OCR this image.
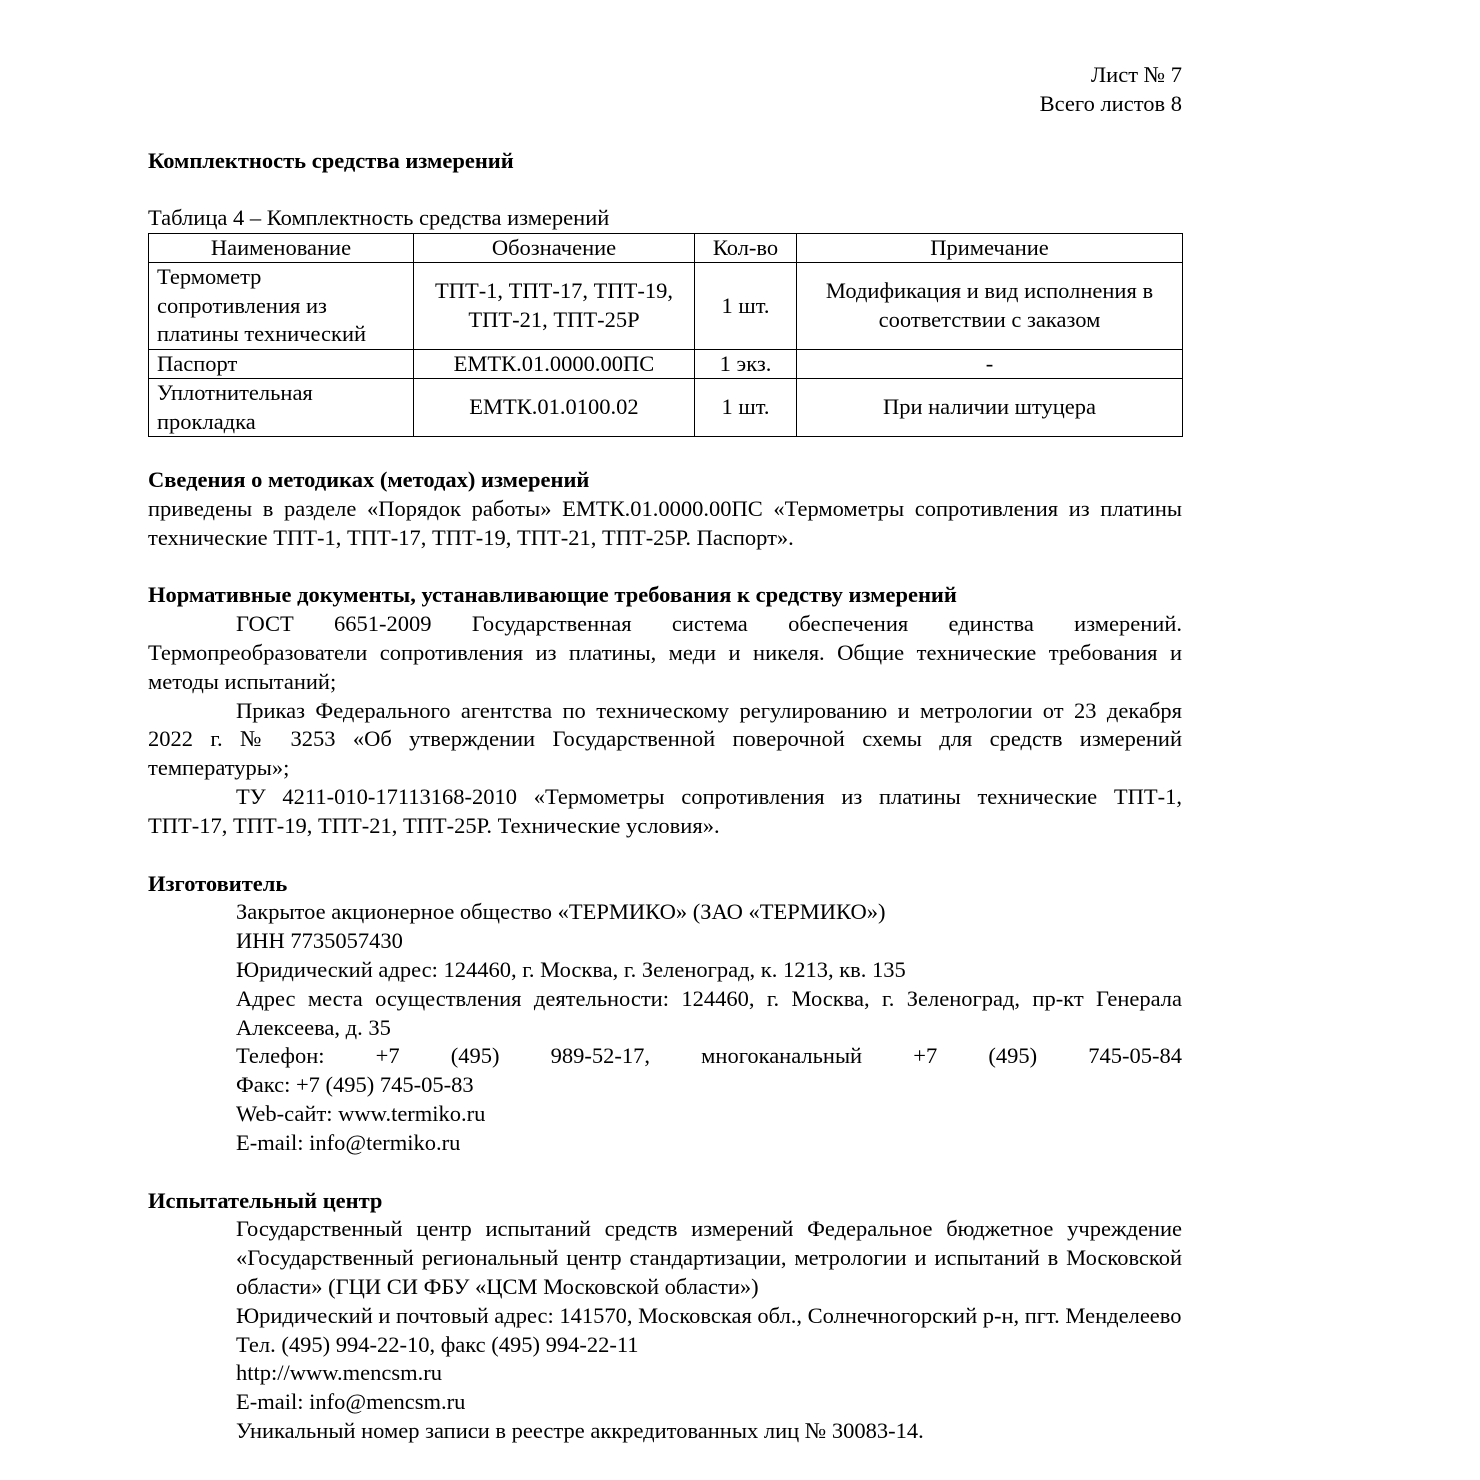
Лист № 7
Всего листов 8
Комплектность средства измерений
Таблица 4 – Комплектность средства измерений
Наименование	Обозначение	Кол-во	Примечание
Термометр сопротивления из платины технический	ТПТ-1, ТПТ-17, ТПТ-19, ТПТ-21, ТПТ-25Р	1 шт.	Модификация и вид исполнения в соответствии с заказом
Паспорт	ЕМТК.01.0000.00ПС	1 экз.	-
Уплотнительная прокладка	ЕМТК.01.0100.02	1 шт.	При наличии штуцера
Сведения о методиках (методах) измерений
приведены в разделе «Порядок работы» ЕМТК.01.0000.00ПС «Термометры сопротивления из платины технические ТПТ-1, ТПТ-17, ТПТ-19, ТПТ-21, ТПТ-25Р. Паспорт».
Нормативные документы, устанавливающие требования к средству измерений
ГОСТ 6651-2009 Государственная система обеспечения единства измерений. Термопреобразователи сопротивления из платины, меди и никеля. Общие технические требования и методы испытаний;
Приказ Федерального агентства по техническому регулированию и метрологии от 23 декабря 2022 г. № 3253 «Об утверждении Государственной поверочной схемы для средств измерений температуры»;
ТУ 4211-010-17113168-2010 «Термометры сопротивления из платины технические ТПТ-1, ТПТ-17, ТПТ-19, ТПТ-21, ТПТ-25Р. Технические условия».
Изготовитель
Закрытое акционерное общество «ТЕРМИКО» (ЗАО «ТЕРМИКО»)
ИНН 7735057430
Юридический адрес: 124460, г. Москва, г. Зеленоград, к. 1213, кв. 135
Адрес места осуществления деятельности: 124460, г. Москва, г. Зеленоград, пр-кт Генерала Алексеева, д. 35
Телефон: +7 (495) 989-52-17, многоканальный +7 (495) 745-05-84
Факс: +7 (495) 745-05-83
Web-сайт: www.termiko.ru
E-mail: info@termiko.ru
Испытательный центр
Государственный центр испытаний средств измерений Федеральное бюджетное учреждение «Государственный региональный центр стандартизации, метрологии и испытаний в Московской области» (ГЦИ СИ ФБУ «ЦСМ Московской области»)
Юридический и почтовый адрес: 141570, Московская обл., Солнечногорский р-н, пгт. Менделеево
Тел. (495) 994-22-10, факс (495) 994-22-11
http://www.mencsm.ru
E-mail: info@mencsm.ru
Уникальный номер записи в реестре аккредитованных лиц № 30083-14.
